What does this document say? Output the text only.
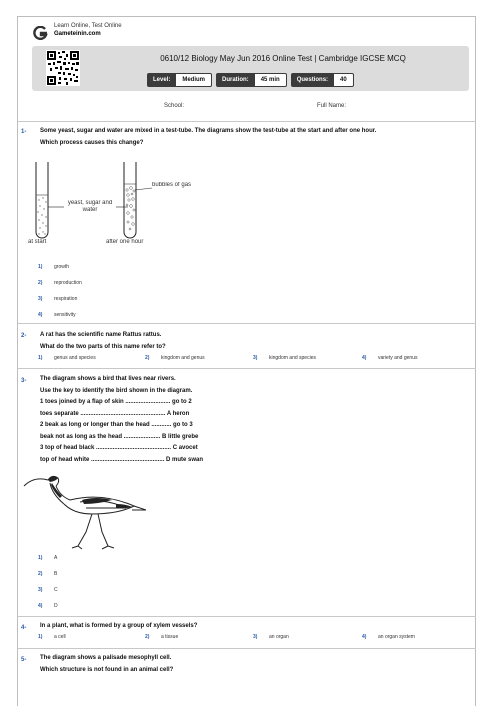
Learn Online, Test Online
Gameteinin.com
0610/12 Biology May Jun 2016 Online Test | Cambridge IGCSE MCQ
Level:	Medium	Duration:	45 min	Questions:	40
School:	Full Name:
1- Some yeast, sugar and water are mixed in a test-tube. The diagrams show the test-tube at the start and after one hour.
Which process causes this change?
yeast, sugar and water
bubbles of gas
at start	after one hour
1)	growth
2)	reproduction
3)	respiration
4)	sensitivity
2- A rat has the scientific name Rattus rattus.
What do the two parts of this name refer to?
1)	genus and species	2)	kingdom and genus	3)	kingdom and species	4)	variety and genus
3- The diagram shows a bird that lives near rivers.
Use the key to identify the bird shown in the diagram.
1 toes joined by a flap of skin ........................... go to 2
toes separate ................................................... A heron
2 beak as long or longer than the head ............ go to 3
beak not as long as the head ...................... B little grebe
3 top of head black ............................................. C avocet
top of head white ............................................ D mute swan
1)	A
2)	B
3)	C
4)	D
4- In a plant, what is formed by a group of xylem vessels?
1)	a cell	2)	a tissue	3)	an organ	4)	an organ system
5- The diagram shows a palisade mesophyll cell.
Which structure is not found in an animal cell?
